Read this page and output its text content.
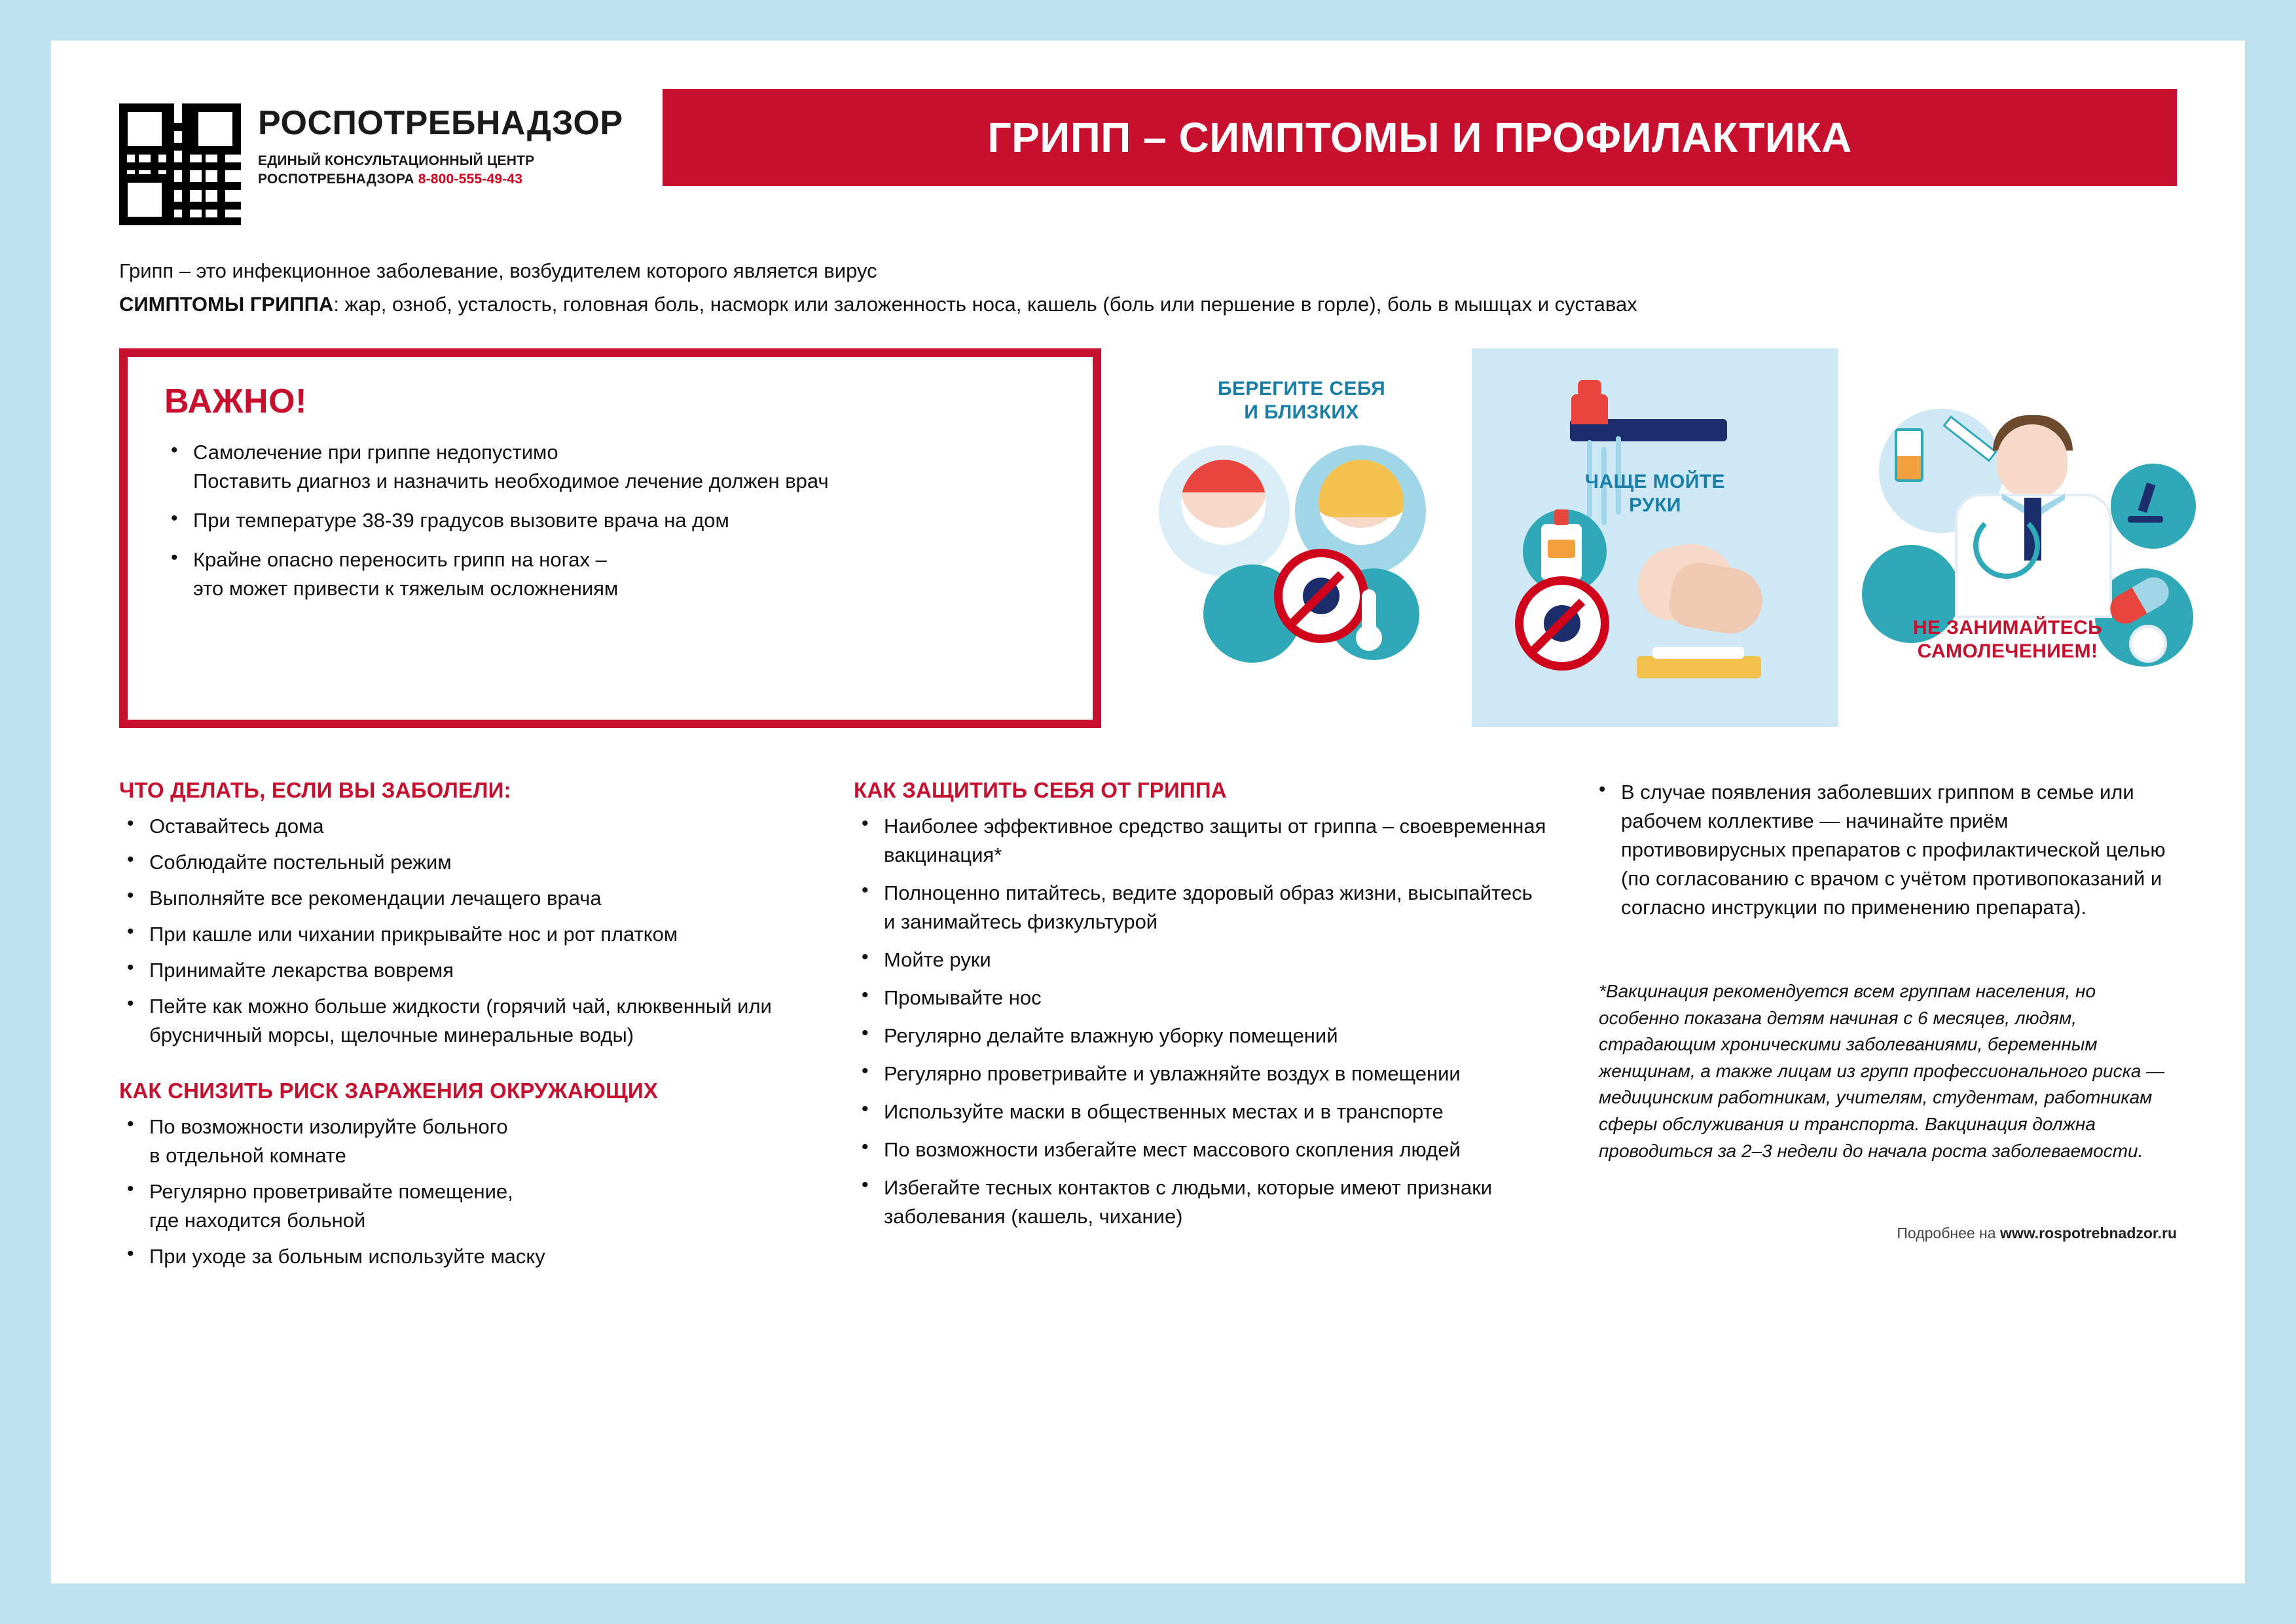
РОСПОТРЕБНАДЗОР
ЕДИНЫЙ КОНСУЛЬТАЦИОННЫЙ ЦЕНТР
РОСПОТРЕБНАДЗОРА 8-800-555-49-43
ГРИПП – СИМПТОМЫ И ПРОФИЛАКТИКА
Грипп – это инфекционное заболевание, возбудителем которого является вирус
СИМПТОМЫ ГРИППА: жар, озноб, усталость, головная боль, насморк или заложенность носа, кашель (боль или першение в горле), боль в мышцах и суставах
ВАЖНО!
• Самолечение при гриппе недопустимо
Поставить диагноз и назначить необходимое лечение должен врач
• При температуре 38-39 градусов вызовите врача на дом
• Крайне опасно переносить грипп на ногах –
это может привести к тяжелым осложнениям
БЕРЕГИТЕ СЕБЯ
И БЛИЗКИХ
ЧАЩЕ МОЙТЕ
РУКИ
НЕ ЗАНИМАЙТЕСЬ
САМОЛЕЧЕНИЕМ!
ЧТО ДЕЛАТЬ, ЕСЛИ ВЫ ЗАБОЛЕЛИ:
• Оставайтесь дома
• Соблюдайте постельный режим
• Выполняйте все рекомендации лечащего врача
• При кашле или чихании прикрывайте нос и рот платком
• Принимайте лекарства вовремя
• Пейте как можно больше жидкости (горячий чай, клюквенный или брусничный морсы, щелочные минеральные воды)
КАК СНИЗИТЬ РИСК ЗАРАЖЕНИЯ ОКРУЖАЮЩИХ
• По возможности изолируйте больного
в отдельной комнате
• Регулярно проветривайте помещение,
где находится больной
• При уходе за больным используйте маску
КАК ЗАЩИТИТЬ СЕБЯ ОТ ГРИППА
• Наиболее эффективное средство защиты от гриппа – своевременная вакцинация*
• Полноценно питайтесь, ведите здоровый образ жизни, высыпайтесь и занимайтесь физкультурой
• Мойте руки
• Промывайте нос
• Регулярно делайте влажную уборку помещений
• Регулярно проветривайте и увлажняйте воздух в помещении
• Используйте маски в общественных местах и в транспорте
• По возможности избегайте мест массового скопления людей
• Избегайте тесных контактов с людьми, которые имеют признаки заболевания (кашель, чихание)
• В случае появления заболевших гриппом в семье или рабочем коллективе — начинайте приём противовирусных препаратов с профилактической целью (по согласованию с врачом с учётом противопоказаний и согласно инструкции по применению препарата).
*Вакцинация рекомендуется всем группам населения, но особенно показана детям начиная с 6 месяцев, людям, страдающим хроническими заболеваниями, беременным женщинам, а также лицам из групп профессионального риска — медицинским работникам, учителям, студентам, работникам сферы обслуживания и транспорта. Вакцинация должна проводиться за 2–3 недели до начала роста заболеваемости.
Подробнее на www.rospotrebnadzor.ru
